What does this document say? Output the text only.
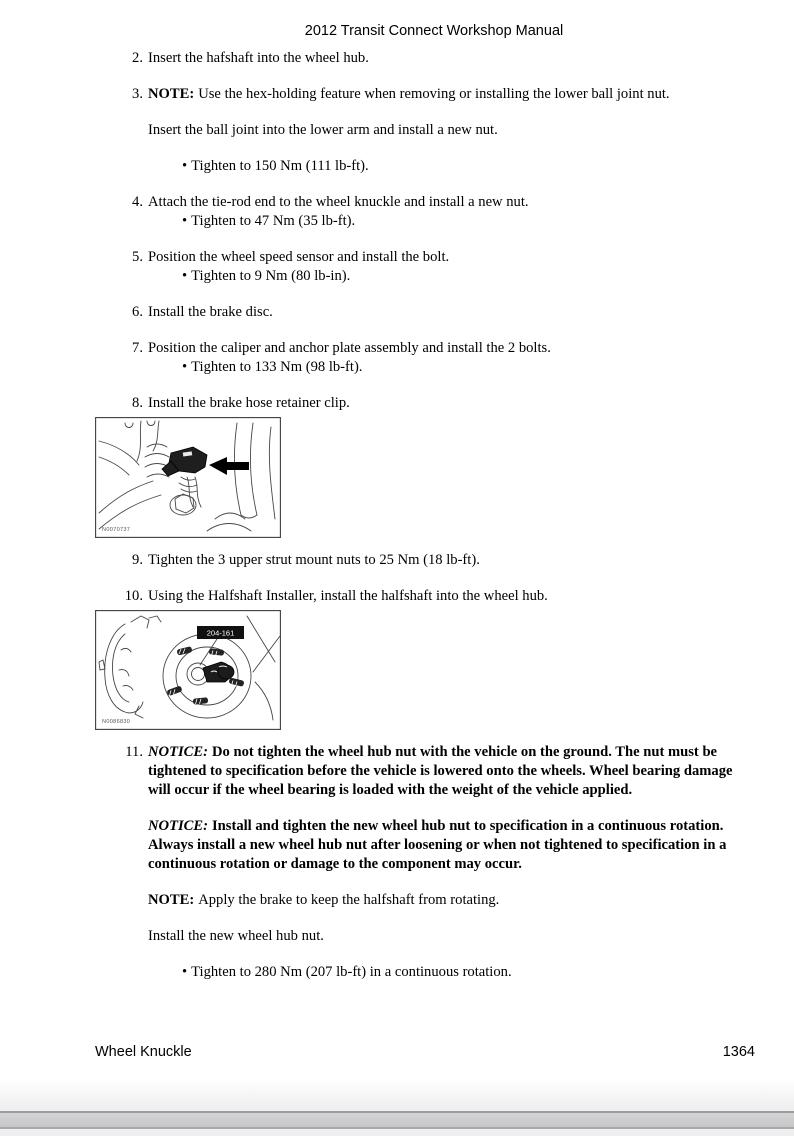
2012 Transit Connect Workshop Manual
2. Insert the hafshaft into the wheel hub.
3. NOTE: Use the hex-holding feature when removing or installing the lower ball joint nut.
Insert the ball joint into the lower arm and install a new nut.
• Tighten to 150 Nm (111 lb-ft).
4. Attach the tie-rod end to the wheel knuckle and install a new nut.
• Tighten to 47 Nm (35 lb-ft).
5. Position the wheel speed sensor and install the bolt.
• Tighten to 9 Nm (80 lb-in).
6. Install the brake disc.
7. Position the caliper and anchor plate assembly and install the 2 bolts.
• Tighten to 133 Nm (98 lb-ft).
8. Install the brake hose retainer clip.
N0070737
9. Tighten the 3 upper strut mount nuts to 25 Nm (18 lb-ft).
10. Using the Halfshaft Installer, install the halfshaft into the wheel hub.
204-161
N0086830
11. NOTICE: Do not tighten the wheel hub nut with the vehicle on the ground. The nut must be tightened to specification before the vehicle is lowered onto the wheels. Wheel bearing damage will occur if the wheel bearing is loaded with the weight of the vehicle applied.
NOTICE: Install and tighten the new wheel hub nut to specification in a continuous rotation. Always install a new wheel hub nut after loosening or when not tightened to specification in a continuous rotation or damage to the component may occur.
NOTE: Apply the brake to keep the halfshaft from rotating.
Install the new wheel hub nut.
• Tighten to 280 Nm (207 lb-ft) in a continuous rotation.
Wheel Knuckle	1364
